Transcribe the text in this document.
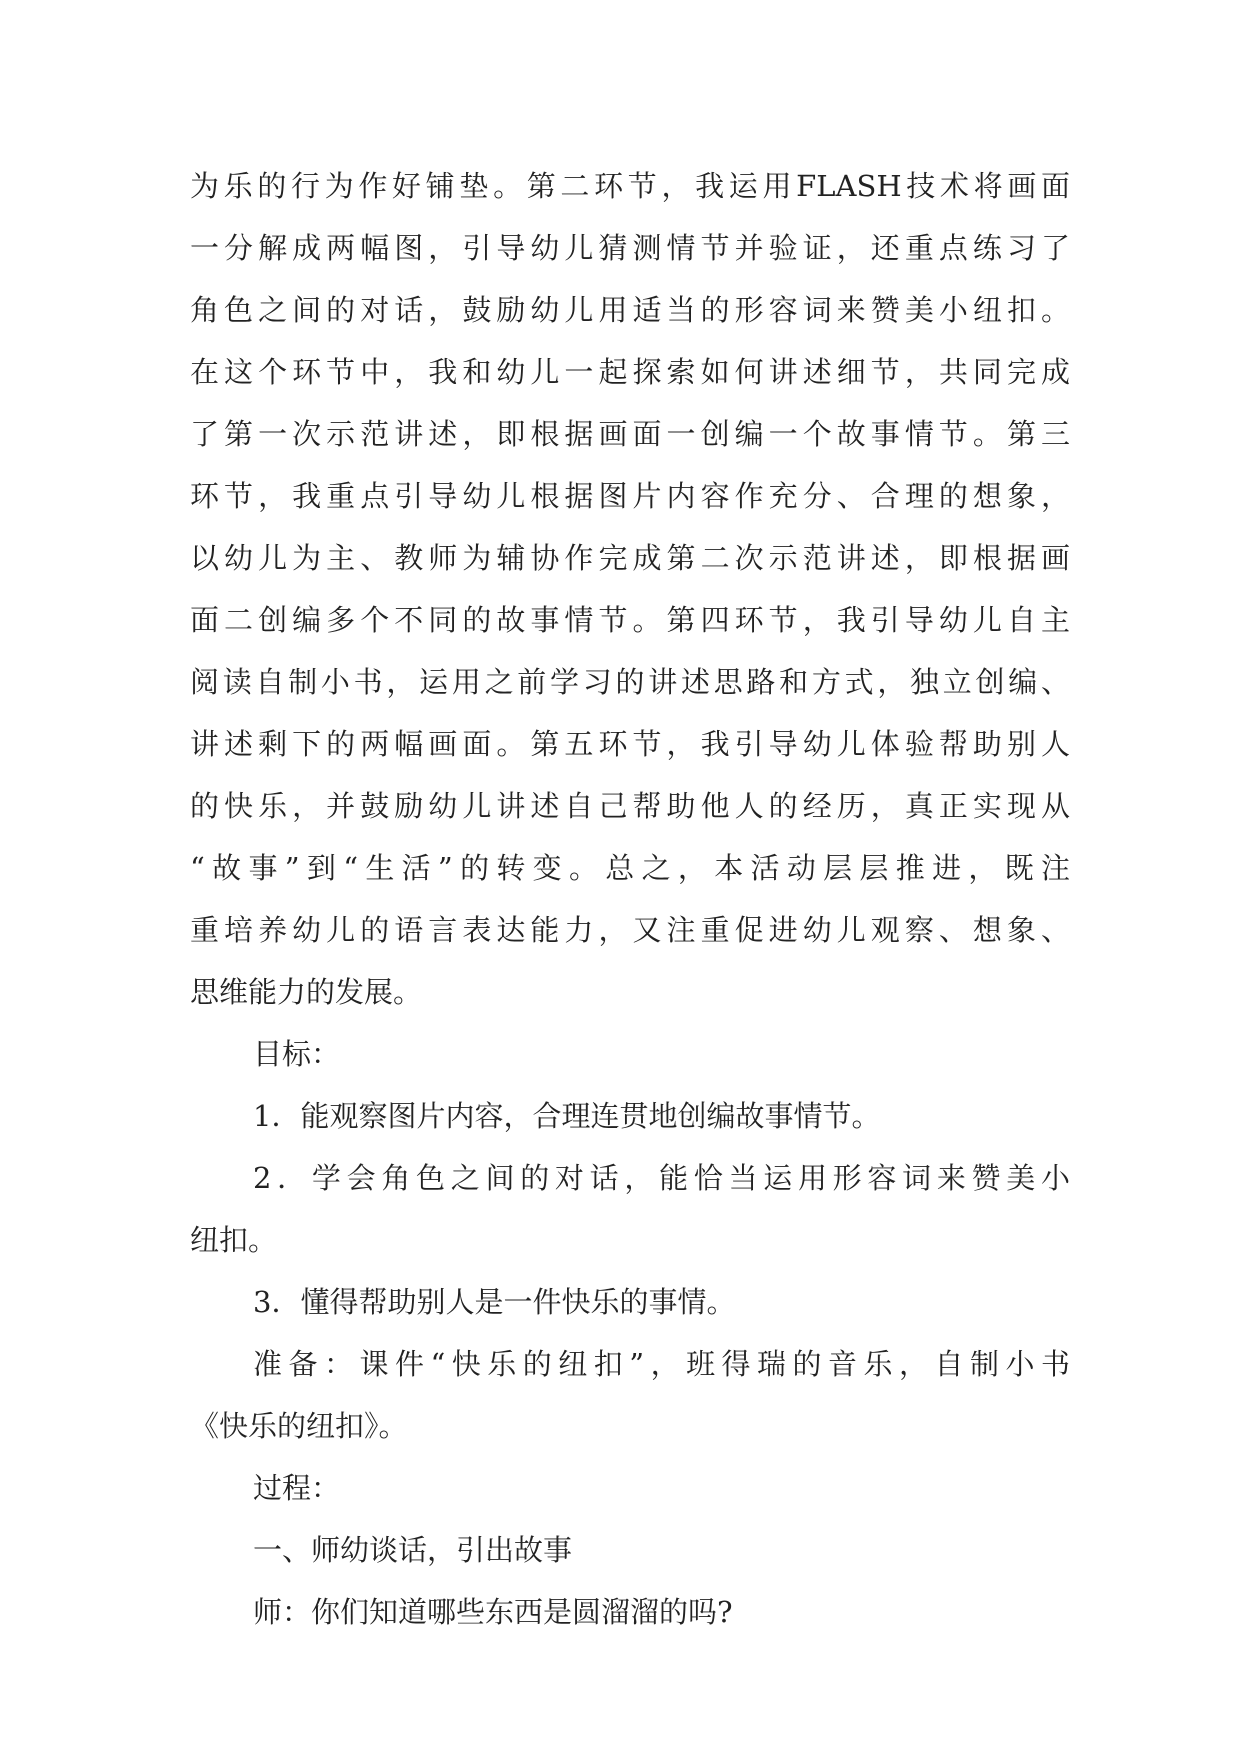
为乐的行为作好铺垫。第二环节，我运用FLASH技术将画面
一分解成两幅图，引导幼儿猜测情节并验证，还重点练习了
角色之间的对话，鼓励幼儿用适当的形容词来赞美小纽扣。
在这个环节中，我和幼儿一起探索如何讲述细节，共同完成
了第一次示范讲述，即根据画面一创编一个故事情节。第三
环节，我重点引导幼儿根据图片内容作充分、合理的想象，
以幼儿为主、教师为辅协作完成第二次示范讲述，即根据画
面二创编多个不同的故事情节。第四环节，我引导幼儿自主
阅读自制小书，运用之前学习的讲述思路和方式，独立创编、
讲述剩下的两幅画面。第五环节，我引导幼儿体验帮助别人
的快乐，并鼓励幼儿讲述自己帮助他人的经历，真正实现从
“故事”到“生活”的转变。总之，本活动层层推进，既注
重培养幼儿的语言表达能力，又注重促进幼儿观察、想象、
思维能力的发展。
目标：
1．能观察图片内容，合理连贯地创编故事情节。
2．学会角色之间的对话，能恰当运用形容词来赞美小
纽扣。
3．懂得帮助别人是一件快乐的事情。
准备：课件“快乐的纽扣”，班得瑞的音乐，自制小书
《快乐的纽扣》。
过程：
一、师幼谈话，引出故事
师：你们知道哪些东西是圆溜溜的吗?
